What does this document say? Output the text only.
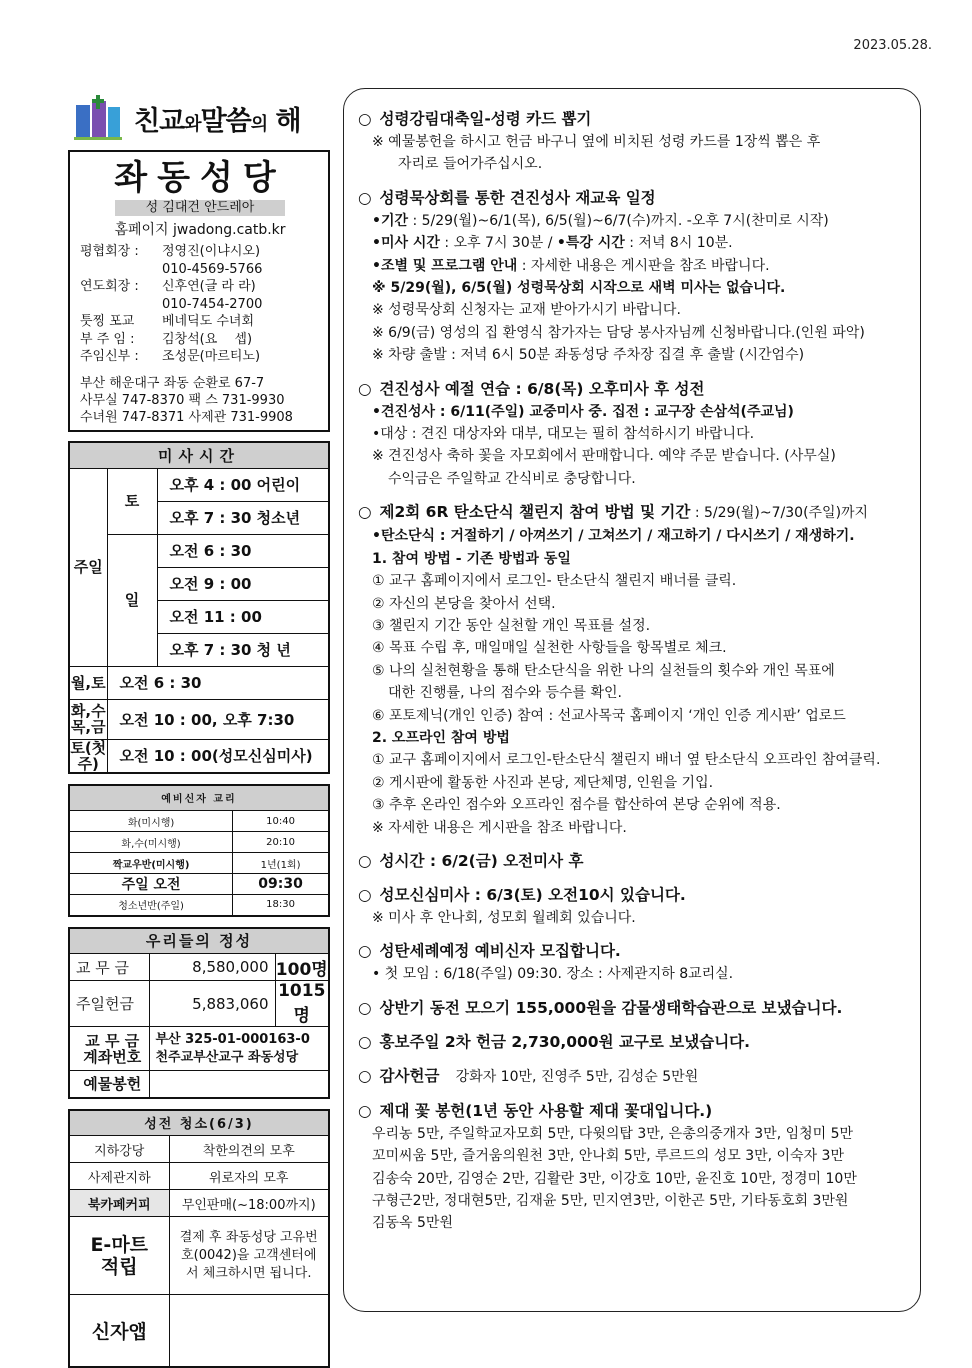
2023.05.28.
친교와말씀의 해
좌동성당
성 김대건 안드레아
홈페이지 jwadong.catb.kr
평협회장 :	정영진(이냐시오)
010-4569-5766
연도회장 :	신후연(글 라 라)
010-7454-2700
툿찡 포교	베네딕도 수녀회
부 주 임 :	김창석(요　 셉)
주임신부 :	조성문(마르티노)
부산 해운대구 좌동 순환로 67-7
사무실 747-8370 팩 스 731-9930
수녀원 747-8371 사제관 731-9908
미사시간		
주일	토	오후 4 : 00 어린이
		오후 7 : 30 청소년
	일	오전 6 : 30
		오전 9 : 00
		오전 11 : 00
		오후 7 : 30 청 년
월,토	오전 6 : 30	
화,수
목,금	오전 10 : 00, 오후 7:30	
토(첫주)	오전 10 : 00(성모신심미사)	
예비신자 교리	
화(미시행)	10:40
화,수(미시행)	20:10
짝교우반(미시행)	1년(1회)
주일 오전	09:30
청소년반(주일)	18:30
우리들의 정성		
교 무 금	8,580,000	100명
주일헌금	5,883,060	1015명
교 무 금
계좌번호	부산 325-01-000163-0
천주교부산교구 좌동성당	
예물봉헌		
성전 청소(6/3)	
지하강당	착한의견의 모후
사제관지하	위로자의 모후
북카페커피	무인판매(~18:00까지)
E-마트
적립	결제 후 좌동성당 고유번호(0042)을 고객센터에서 체크하시면 됩니다.
신자앱	
○ 성령강림대축일-성령 카드 뽑기
※ 예물봉헌을 하시고 헌금 바구니 옆에 비치된 성령 카드를 1장씩 뽑은 후
자리로 들어가주십시오.
○ 성령묵상회를 통한 견진성사 재교육 일정
•기간 : 5/29(월)~6/1(목), 6/5(월)~6/7(수)까지. -오후 7시(찬미로 시작)
•미사 시간 : 오후 7시 30분 / •특강 시간 : 저녁 8시 10분.
•조별 및 프로그램 안내 : 자세한 내용은 게시판을 참조 바랍니다.
※ 5/29(월), 6/5(월) 성령묵상회 시작으로 새벽 미사는 없습니다.
※ 성령묵상회 신청자는 교재 받아가시기 바랍니다.
※ 6/9(금) 영성의 집 환영식 참가자는 담당 봉사자님께 신청바랍니다.(인원 파악)
※ 차량 출발 : 저녁 6시 50분 좌동성당 주차장 집결 후 출발 (시간엄수)
○ 견진성사 예절 연습 : 6/8(목) 오후미사 후 성전
•견진성사 : 6/11(주일) 교중미사 중. 집전 : 교구장 손삼석(주교님)
•대상 : 견진 대상자와 대부, 대모는 필히 참석하시기 바랍니다.
※ 견진성사 축하 꽃을 자모회에서 판매합니다. 예약 주문 받습니다. (사무실)
수익금은 주일학교 간식비로 충당합니다.
○ 제2회 6R 탄소단식 챌린지 참여 방법 및 기간 : 5/29(월)~7/30(주일)까지
•탄소단식 : 거절하기 / 아껴쓰기 / 고쳐쓰기 / 재고하기 / 다시쓰기 / 재생하기.
1. 참여 방법 - 기존 방법과 동일
① 교구 홈페이지에서 로그인- 탄소단식 챌린지 배너를 클릭.
② 자신의 본당을 찾아서 선택.
③ 챌린지 기간 동안 실천할 개인 목표를 설정.
④ 목표 수립 후, 매일매일 실천한 사항들을 항목별로 체크.
⑤ 나의 실천현황을 통해 탄소단식을 위한 나의 실천들의 횟수와 개인 목표에
대한 진행률, 나의 점수와 등수를 확인.
⑥ 포토제닉(개인 인증) 참여 : 선교사목국 홈페이지 ‘개인 인증 게시판’ 업로드
2. 오프라인 참여 방법
① 교구 홈페이지에서 로그인-탄소단식 챌린지 배너 옆 탄소단식 오프라인 참여클릭.
② 게시판에 활동한 사진과 본당, 제단체명, 인원을 기입.
③ 추후 온라인 점수와 오프라인 점수를 합산하여 본당 순위에 적용.
※ 자세한 내용은 게시판을 참조 바랍니다.
○ 성시간 : 6/2(금) 오전미사 후
○ 성모신심미사 : 6/3(토) 오전10시 있습니다.
※ 미사 후 안나회, 성모회 월례회 있습니다.
○ 성탄세례예정 예비신자 모집합니다.
• 첫 모임 : 6/18(주일) 09:30. 장소 : 사제관지하 8교리실.
○ 상반기 동전 모으기 155,000원을 감물생태학습관으로 보냈습니다.
○ 홍보주일 2차 헌금 2,730,000원 교구로 보냈습니다.
○ 감사헌금 강화자 10만, 진영주 5만, 김성순 5만원
○ 제대 꽃 봉헌(1년 동안 사용할 제대 꽃대입니다.)
우리농 5만, 주일학교자모회 5만, 다윗의탑 3만, 은총의중개자 3만, 임청미 5만
꼬미씨움 5만, 즐거움의원천 3만, 안나회 5만, 루르드의 성모 3만, 이숙자 3만
김송숙 20만, 김영순 2만, 김활란 3만, 이강호 10만, 윤진호 10만, 정경미 10만
구형근2만, 정대현5만, 김재윤 5만, 민지연3만, 이한곤 5만, 기타동호회 3만원
김동옥 5만원
